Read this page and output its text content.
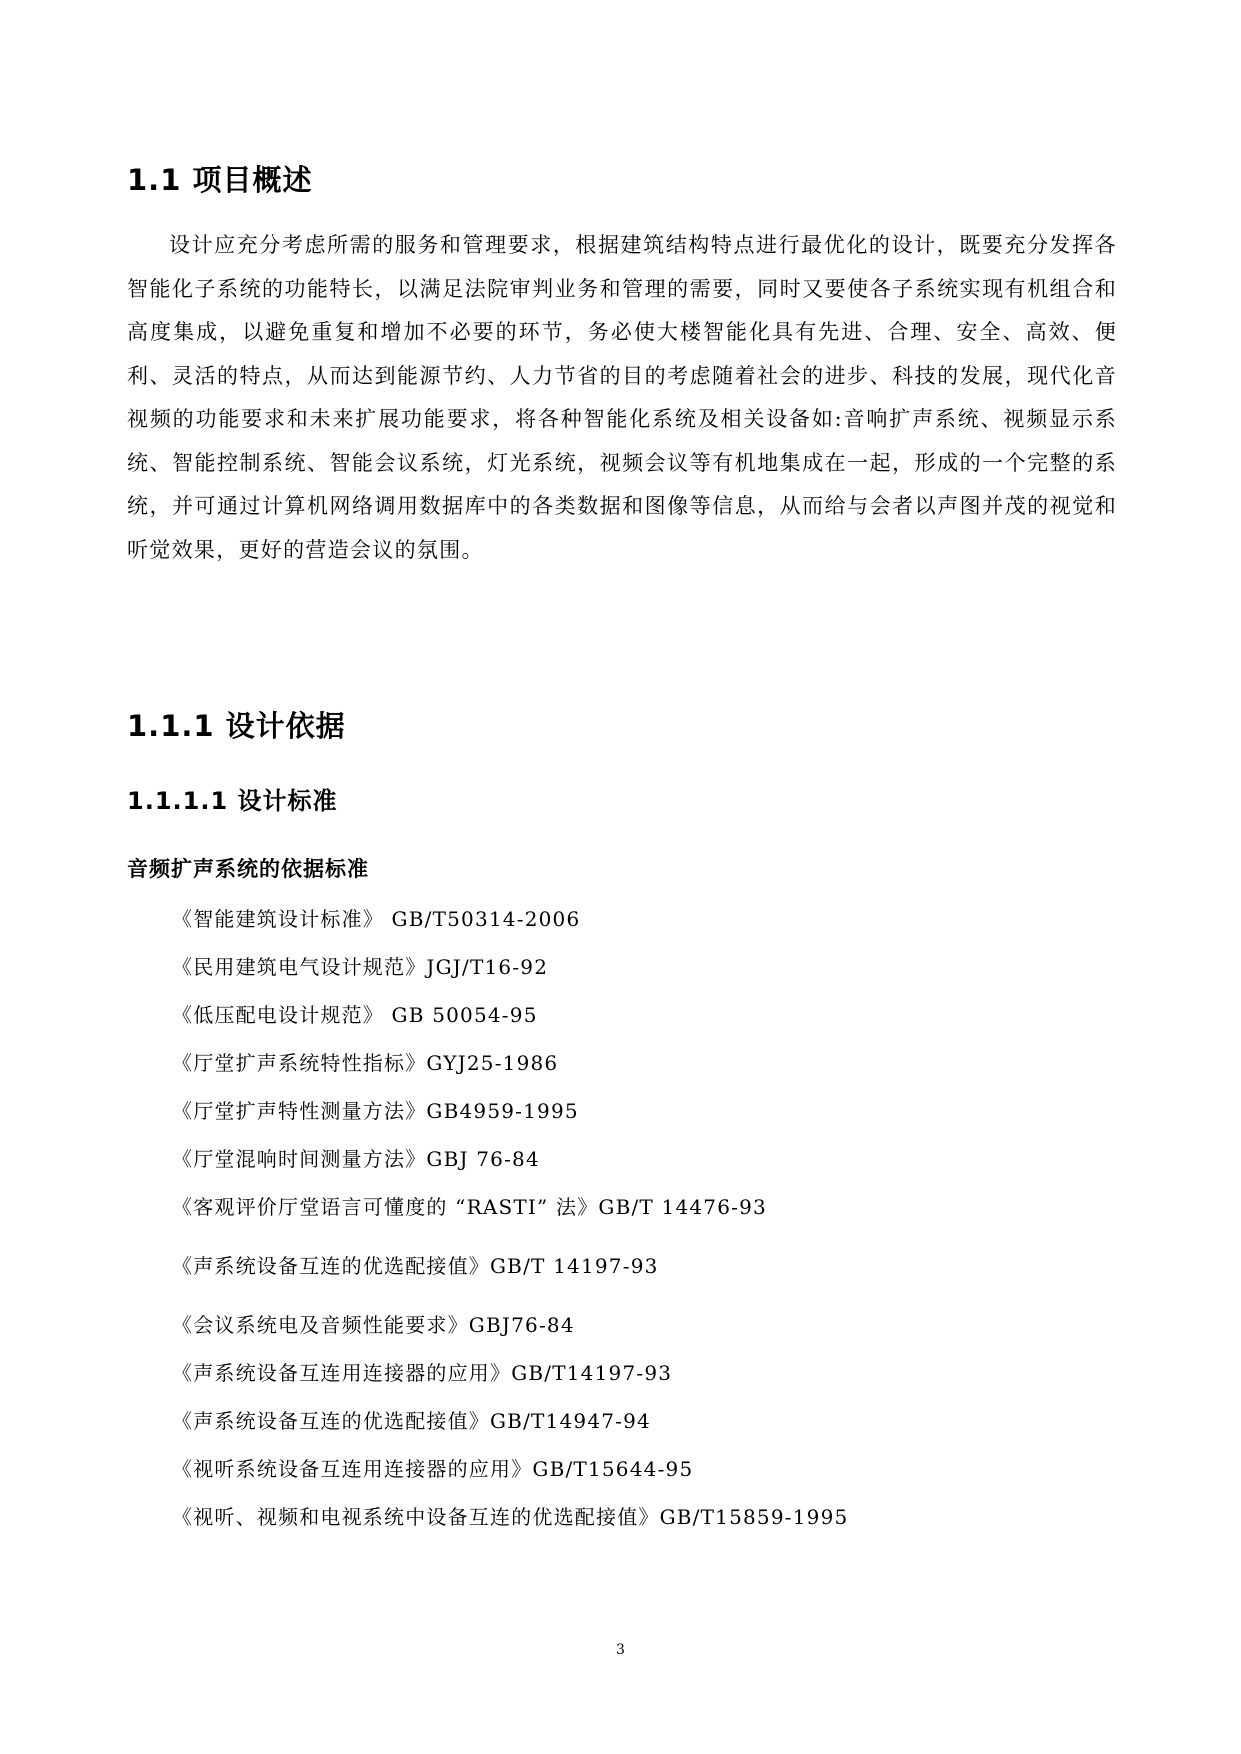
1.1 项目概述

设计应充分考虑所需的服务和管理要求，根据建筑结构特点进行最优化的设计，既要充分发挥各智能化子系统的功能特长，以满足法院审判业务和管理的需要，同时又要使各子系统实现有机组合和高度集成，以避免重复和增加不必要的环节，务必使大楼智能化具有先进、合理、安全、高效、便利、灵活的特点，从而达到能源节约、人力节省的目的考虑随着社会的进步、科技的发展，现代化音视频的功能要求和未来扩展功能要求，将各种智能化系统及相关设备如:音响扩声系统、视频显示系统、智能控制系统、智能会议系统，灯光系统，视频会议等有机地集成在一起，形成的一个完整的系统，并可通过计算机网络调用数据库中的各类数据和图像等信息，从而给与会者以声图并茂的视觉和听觉效果，更好的营造会议的氛围。

1.1.1 设计依据
1.1.1.1 设计标准
音频扩声系统的依据标准
《智能建筑设计标准》 GB/T50314-2006
《民用建筑电气设计规范》JGJ/T16-92
《低压配电设计规范》 GB 50054-95
《厅堂扩声系统特性指标》GYJ25-1986
《厅堂扩声特性测量方法》GB4959-1995
《厅堂混响时间测量方法》GBJ 76-84
《客观评价厅堂语言可懂度的 “RASTI” 法》GB/T 14476-93
《声系统设备互连的优选配接值》GB/T 14197-93
《会议系统电及音频性能要求》GBJ76-84
《声系统设备互连用连接器的应用》GB/T14197-93
《声系统设备互连的优选配接值》GB/T14947-94
《视听系统设备互连用连接器的应用》GB/T15644-95
《视听、视频和电视系统中设备互连的优选配接值》GB/T15859-1995
3
